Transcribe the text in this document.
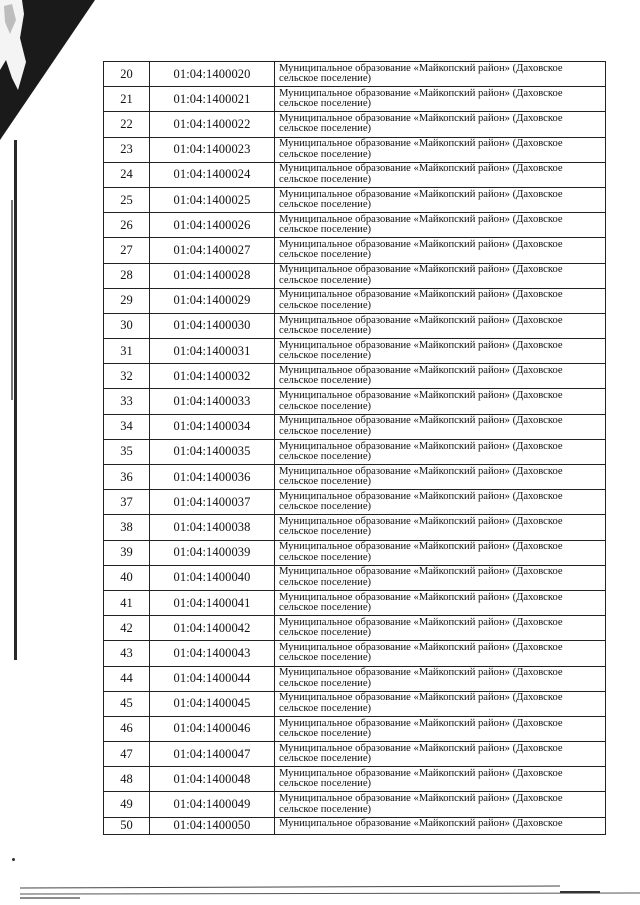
20	01:04:1400020	Муниципальное образование «Майкопский район» (Даховское
сельское поселение)
21	01:04:1400021	Муниципальное образование «Майкопский район» (Даховское
сельское поселение)
22	01:04:1400022	Муниципальное образование «Майкопский район» (Даховское
сельское поселение)
23	01:04:1400023	Муниципальное образование «Майкопский район» (Даховское
сельское поселение)
24	01:04:1400024	Муниципальное образование «Майкопский район» (Даховское
сельское поселение)
25	01:04:1400025	Муниципальное образование «Майкопский район» (Даховское
сельское поселение)
26	01:04:1400026	Муниципальное образование «Майкопский район» (Даховское
сельское поселение)
27	01:04:1400027	Муниципальное образование «Майкопский район» (Даховское
сельское поселение)
28	01:04:1400028	Муниципальное образование «Майкопский район» (Даховское
сельское поселение)
29	01:04:1400029	Муниципальное образование «Майкопский район» (Даховское
сельское поселение)
30	01:04:1400030	Муниципальное образование «Майкопский район» (Даховское
сельское поселение)
31	01:04:1400031	Муниципальное образование «Майкопский район» (Даховское
сельское поселение)
32	01:04:1400032	Муниципальное образование «Майкопский район» (Даховское
сельское поселение)
33	01:04:1400033	Муниципальное образование «Майкопский район» (Даховское
сельское поселение)
34	01:04:1400034	Муниципальное образование «Майкопский район» (Даховское
сельское поселение)
35	01:04:1400035	Муниципальное образование «Майкопский район» (Даховское
сельское поселение)
36	01:04:1400036	Муниципальное образование «Майкопский район» (Даховское
сельское поселение)
37	01:04:1400037	Муниципальное образование «Майкопский район» (Даховское
сельское поселение)
38	01:04:1400038	Муниципальное образование «Майкопский район» (Даховское
сельское поселение)
39	01:04:1400039	Муниципальное образование «Майкопский район» (Даховское
сельское поселение)
40	01:04:1400040	Муниципальное образование «Майкопский район» (Даховское
сельское поселение)
41	01:04:1400041	Муниципальное образование «Майкопский район» (Даховское
сельское поселение)
42	01:04:1400042	Муниципальное образование «Майкопский район» (Даховское
сельское поселение)
43	01:04:1400043	Муниципальное образование «Майкопский район» (Даховское
сельское поселение)
44	01:04:1400044	Муниципальное образование «Майкопский район» (Даховское
сельское поселение)
45	01:04:1400045	Муниципальное образование «Майкопский район» (Даховское
сельское поселение)
46	01:04:1400046	Муниципальное образование «Майкопский район» (Даховское
сельское поселение)
47	01:04:1400047	Муниципальное образование «Майкопский район» (Даховское
сельское поселение)
48	01:04:1400048	Муниципальное образование «Майкопский район» (Даховское
сельское поселение)
49	01:04:1400049	Муниципальное образование «Майкопский район» (Даховское
сельское поселение)
50	01:04:1400050	Муниципальное образование «Майкопский район» (Даховское
